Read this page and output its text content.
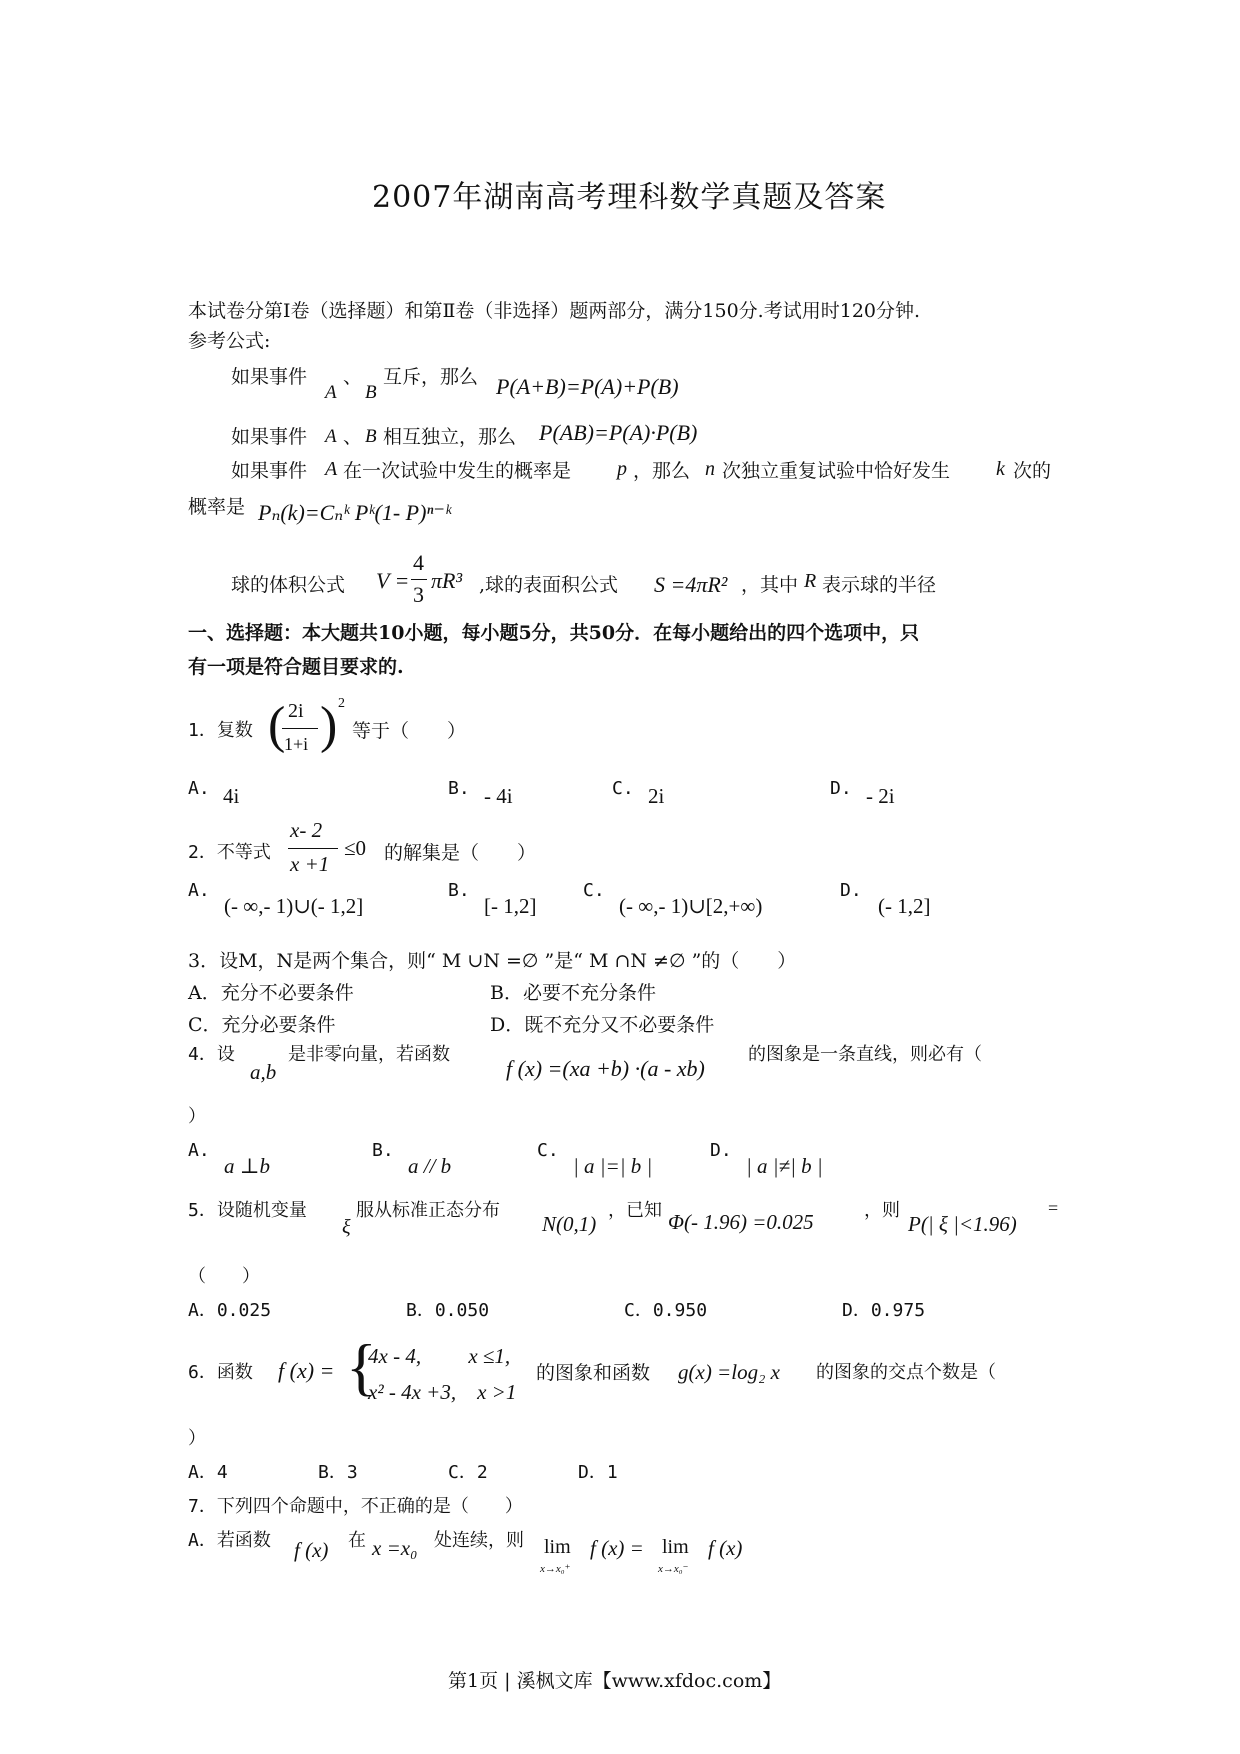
2007年湖南高考理科数学真题及答案
本试卷分第Ⅰ卷（选择题）和第Ⅱ卷（非选择）题两部分，满分150分.考试用时120分钟.
参考公式:
如果事件
A
、
B
互斥，那么 P(A+B)=P(A)+P(B)
如果事件 A 、 B 相互独立，那么 P(AB)=P(A)·P(B)
如果事件 A 在一次试验中发生的概率是 p ，那么 n 次独立重复试验中恰好发生 k 次的
概率是 Pₙ(k)=Cₙᵏ Pᵏ(1- P)ⁿ⁻ᵏ
球的体积公式 V =
4
3
πR³ ,球的表面积公式 S =4πR² ，其中 R 表示球的半径
一、选择题：本大题共10小题，每小题5分，共50分．在每小题给出的四个选项中，只
有一项是符合题目要求的.
1．复数 ( 2i
1+i ) 2
等于（　　）
A. 4i	B. - 4i	C. 2i	D. - 2i
2．不等式
x- 2
x +1
≤0 的解集是（　　）
A.
(- ∞,- 1)∪(- 1,2]
B.
[- 1,2]
C.
(- ∞,- 1)∪[2,+∞)
D.
(- 1,2]
3．设M，N是两个集合，则“ M ∪N =∅ ”是“ M ∩N ≠∅ ”的（　　）
A．充分不必要条件	B．必要不充分条件
C．充分必要条件	D．既不充分又不必要条件
4．设
a,b
是非零向量，若函数
f (x) =(xa +b) ·(a - xb)
的图象是一条直线，则必有（
）
A.
a ⊥b
B.
a // b
C.
| a |=| b |
D.
| a |≠| b |
5．设随机变量
ξ
服从标准正态分布
N(0,1)
，已知 Φ(- 1.96) =0.025	，则
P(| ξ |<1.96)
=
（　　）
A．0.025	B．0.050	C．0.950	D．0.975
6．函数 f (x) = {
4x - 4,　　 x ≤1,
x² - 4x +3,　x >1
的图象和函数 g(x) =log₂ x 的图象的交点个数是（
）
A．4	B．3	C．2	D．1
7．下列四个命题中，不正确的是（　　）
A．若函数 f (x) 在 x =x₀ 处连续，则 lim
x→x₀⁺
f (x) = lim
x→x₀⁻
f (x)
第1页 | 溪枫文库【www.xfdoc.com】
